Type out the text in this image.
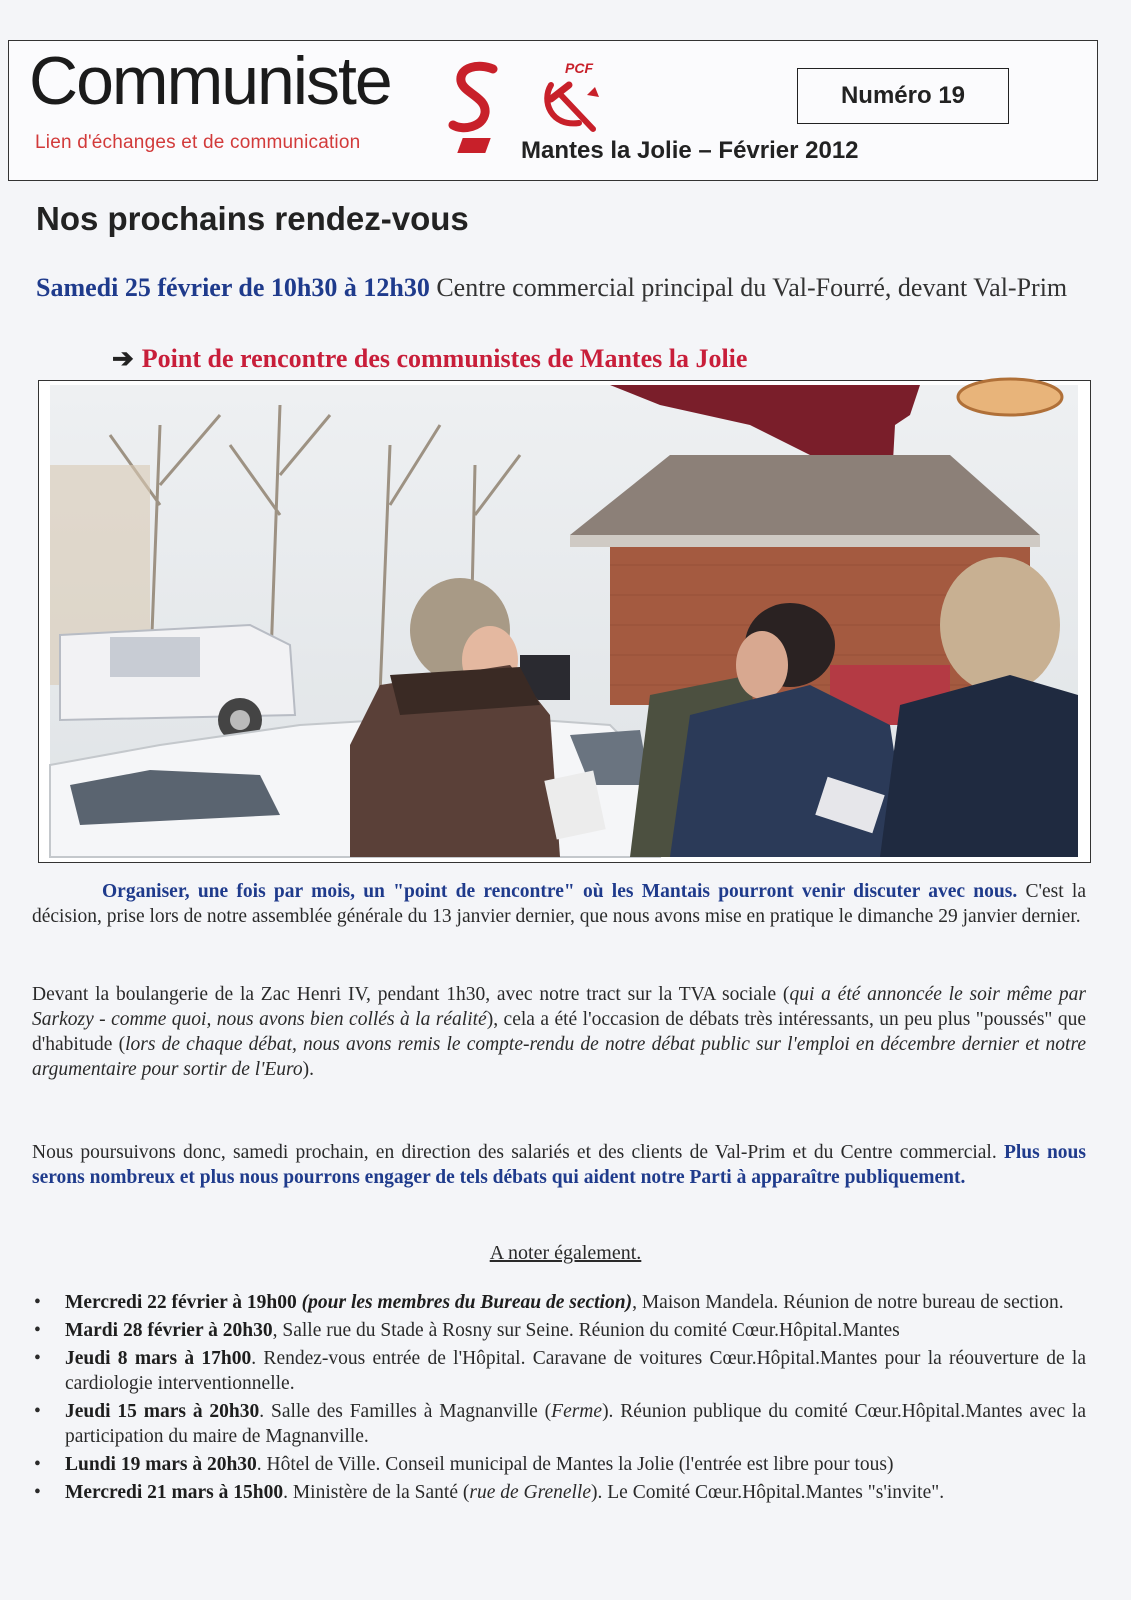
Communiste	s
Lien d'échanges et de communication
PCF
Numéro 19
Mantes la Jolie – Février 2012
Nos prochains rendez-vous
Samedi 25 février de 10h30 à 12h30 Centre commercial principal du Val-Fourré, devant Val-Prim
➔ Point de rencontre des communistes de Mantes la Jolie
Organiser, une fois par mois, un "point de rencontre" où les Mantais pourront venir discuter avec nous. C'est la décision, prise lors de notre assemblée générale du 13 janvier dernier, que nous avons mise en pratique le dimanche 29 janvier dernier.
Devant la boulangerie de la Zac Henri IV, pendant 1h30, avec notre tract sur la TVA sociale (qui a été annoncée le soir même par Sarkozy - comme quoi, nous avons bien collés à la réalité), cela a été l'occasion de débats très intéressants, un peu plus "poussés" que d'habitude (lors de chaque débat, nous avons remis le compte-rendu de notre débat public sur l'emploi en décembre dernier et notre argumentaire pour sortir de l'Euro).
Nous poursuivons donc, samedi prochain, en direction des salariés et des clients de Val-Prim et du Centre commercial. Plus nous serons nombreux et plus nous pourrons engager de tels débats qui aident notre Parti à apparaître publiquement.
A noter également.
• Mercredi 22 février à 19h00 (pour les membres du Bureau de section), Maison Mandela. Réunion de notre bureau de section.
• Mardi 28 février à 20h30, Salle rue du Stade à Rosny sur Seine. Réunion du comité Cœur.Hôpital.Mantes
• Jeudi 8 mars à 17h00. Rendez-vous entrée de l'Hôpital. Caravane de voitures Cœur.Hôpital.Mantes pour la réouverture de la cardiologie interventionnelle.
• Jeudi 15 mars à 20h30. Salle des Familles à Magnanville (Ferme). Réunion publique du comité Cœur.Hôpital.Mantes avec la participation du maire de Magnanville.
• Lundi 19 mars à 20h30. Hôtel de Ville. Conseil municipal de Mantes la Jolie (l'entrée est libre pour tous)
• Mercredi 21 mars à 15h00. Ministère de la Santé (rue de Grenelle). Le Comité Cœur.Hôpital.Mantes "s'invite".
